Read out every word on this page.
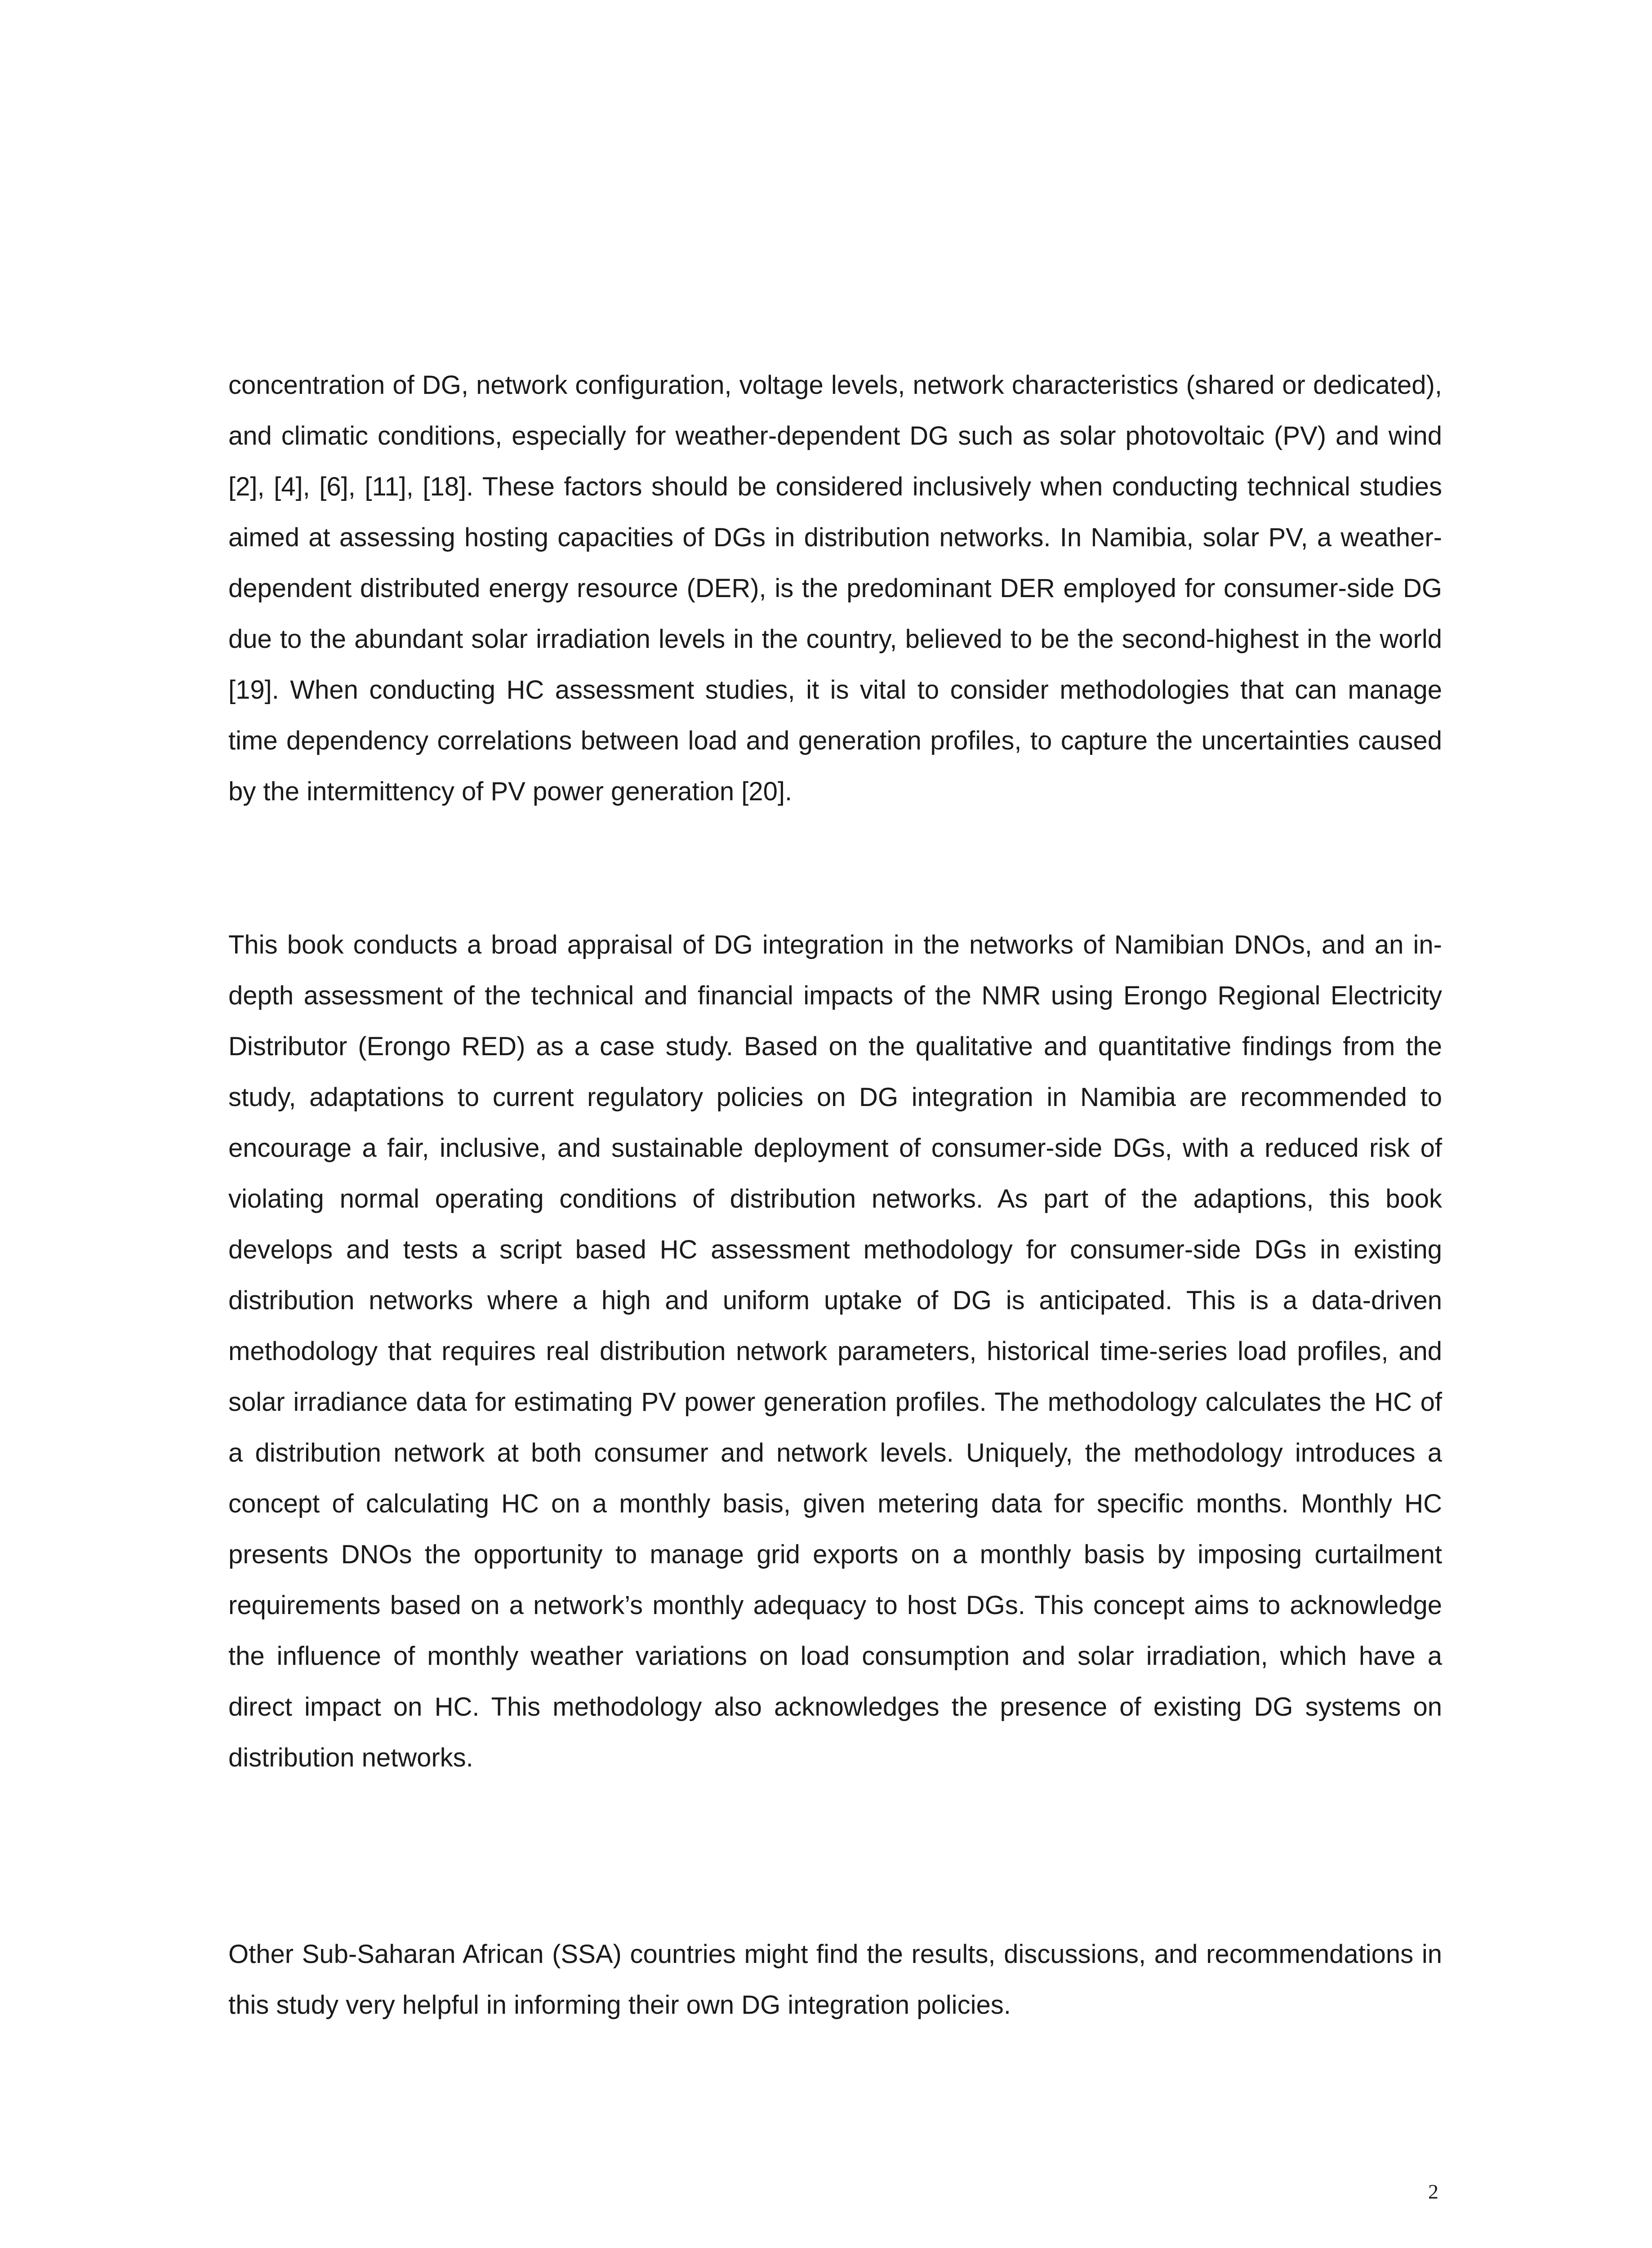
concentration of DG, network configuration, voltage levels, network characteristics (shared or dedicated), and climatic conditions, especially for weather-dependent DG such as solar photovoltaic (PV) and wind [2], [4], [6], [11], [18]. These factors should be considered inclusively when conducting technical studies aimed at assessing hosting capacities of DGs in distribution networks. In Namibia, solar PV, a weather-dependent distributed energy resource (DER), is the predominant DER employed for consumer-side DG due to the abundant solar irradiation levels in the country, believed to be the second-highest in the world [19]. When conducting HC assessment studies, it is vital to consider methodologies that can manage time dependency correlations between load and generation profiles, to capture the uncertainties caused by the intermittency of PV power generation [20].

This book conducts a broad appraisal of DG integration in the networks of Namibian DNOs, and an in-depth assessment of the technical and financial impacts of the NMR using Erongo Regional Electricity Distributor (Erongo RED) as a case study. Based on the qualitative and quantitative findings from the study, adaptations to current regulatory policies on DG integration in Namibia are recommended to encourage a fair, inclusive, and sustainable deployment of consumer-side DGs, with a reduced risk of violating normal operating conditions of distribution networks. As part of the adaptions, this book develops and tests a script based HC assessment methodology for consumer-side DGs in existing distribution networks where a high and uniform uptake of DG is anticipated. This is a data-driven methodology that requires real distribution network parameters, historical time-series load profiles, and solar irradiance data for estimating PV power generation profiles. The methodology calculates the HC of a distribution network at both consumer and network levels. Uniquely, the methodology introduces a concept of calculating HC on a monthly basis, given metering data for specific months. Monthly HC presents DNOs the opportunity to manage grid exports on a monthly basis by imposing curtailment requirements based on a network’s monthly adequacy to host DGs. This concept aims to acknowledge the influence of monthly weather variations on load consumption and solar irradiation, which have a direct impact on HC. This methodology also acknowledges the presence of existing DG systems on distribution networks.

Other Sub-Saharan African (SSA) countries might find the results, discussions, and recommendations in this study very helpful in informing their own DG integration policies.

2
